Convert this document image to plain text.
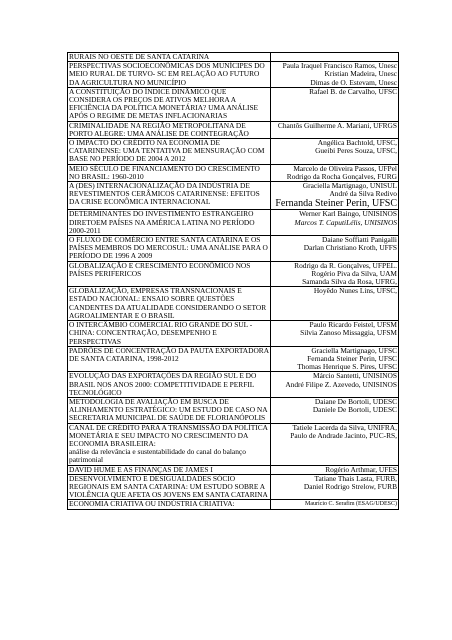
RURAIS NO OESTE DE SANTA CATARINA	

PERSPECTIVAS SOCIOECONÔMICAS DOS MUNÍCIPES DO MEIO RURAL DE TURVO- SC EM RELAÇÃO AO FUTURO DA AGRICULTURA NO MUNICÍPIO	Paula Iraquel Francisco Ramos, Unesc
Kristian Madeira, Unesc
Dimas de O. Estevam, Unesc

A CONSTITUIÇÃO DO ÍNDICE DINÂMICO QUE CONSIDERA OS PREÇOS DE ATIVOS MELHORA A EFICIÊNCIA DA POLÍTICA MONETÁRIA? UMA ANÁLISE APÓS O REGIME DE METAS INFLACIONARIAS	Rafael B. de Carvalho, UFSC

CRIMINALIDADE NA REGIÃO METROPOLITANA DE PORTO ALEGRE: UMA ANÁLISE DE COINTEGRAÇÃO	Chantôs Guilherme A. Mariani, UFRGS

O IMPACTO DO CRÉDITO NA ECONOMIA DE CATARINENSE: UMA TENTATIVA DE MENSURAÇÃO COM BASE NO PERÍODO DE 2004 A 2012	Angélica Bachtold, UFSC,
Gueibi Peres Souza, UFSC,

MEIO SÉCULO DE FINANCIAMENTO DO CRESCIMENTO NO BRASIL: 1960-2010	Marcelo de Oliveira Passos, UFPel
Rodrigo da Rocha Gonçalves, FURG

A (DES) INTERNACIONALIZAÇÃO DA INDÚSTRIA DE REVESTIMENTOS CERÂMICOS CATARINENSE: EFEITOS DA CRISE ECONÔMICA INTERNACIONAL	Graciella Martignago, UNISUL
André da Silva Redivo
Fernanda Steiner Perin, UFSC

DETERMINANTES DO INVESTIMENTO ESTRANGEIRO DIRETOEM PAÍSES NA AMÉRICA LATINA NO PERÍODO 2000-2011	Werner Karl Baingo, UNISINOS
Marcos T. CaputiLélis, UNISINOS

O FLUXO DE COMÉRCIO ENTRE SANTA CATARINA E OS PAÍSES MEMBROS DO MERCOSUL: UMA ANÁLISE PARA O PERÍODO DE 1996 A 2009	Daiane Soffiatti Panigalli
Darlan Christiano Kroth, UFFS

GLOBALIZAÇÃO E CRESCIMENTO ECONÔMICO NOS PAÍSES PERIFERICOS	Rodrigo da R. Gonçalves, UFPEL.
Rogério Piva da Silva, UAM
Samanda Silva da Rosa, UFRG,

GLOBALIZAÇÃO, EMPRESAS TRANSNACIONAIS E ESTADO NACIONAL: ENSAIO SOBRE QUESTÕES CANDENTES DA ATUALIDADE CONSIDERANDO O SETOR AGROALIMENTAR E O BRASIL	Hoyêdo Nunes Lins, UFSC,

O INTERCÂMBIO COMERCIAL RIO GRANDE DO SUL - CHINA: CONCENTRAÇÃO, DESEMPENHO E PERSPECTIVAS	Paulo Ricardo Feistel, UFSM
Silvia Zanoso Missaggia, UFSM

PADRÕES DE CONCENTRAÇÃO DA PAUTA EXPORTADORA DE SANTA CATARINA, 1998-2012	Graciella Martignago, UFSC
Fernanda Steiner Perin, UFSC
Thomas Henrique S. Pires, UFSC

EVOLUÇÃO DAS EXPORTAÇÕES DA REGIÃO SUL E DO BRASIL NOS ANOS 2000: COMPETITIVIDADE E PERFIL TECNOLÓGICO	Márcio Santetti, UNISINOS
André Filipe Z. Azevedo, UNISINOS

METODOLOGIA DE AVALIAÇÃO EM BUSCA DE ALINHAMENTO ESTRATÉGICO: UM ESTUDO DE CASO NA SECRETARIA MUNICIPAL DE SAÚDE DE FLORIANÓPOLIS	Daiane De Bortoli, UDESC
Daniele De Bortoli, UDESC

CANAL DE CRÉDITO PARA A TRANSMISSÃO DA POLÍTICA MONETÁRIA E SEU IMPACTO NO CRESCIMENTO DA ECONOMIA BRASILEIRA:
análise da relevância e sustentabilidade do canal do balanço patrimonial	Tatiele Lacerda da Silva, UNIFRA,
Paulo de Andrade Jacinto, PUC-RS,

DAVID HUME E AS FINANÇAS DE JAMES I	Rogério Arthmar, UFES

DESENVOLVIMENTO E DESIGUALDADES SÓCIO REGIONAIS EM SANTA CATARINA: UM ESTUDO SOBRE A VIOLÊNCIA QUE AFETA OS JOVENS EM SANTA CATARINA	Tatiane Thais Lasta, FURB,
Daniel Rodrigo Strelow, FURB

ECONOMIA CRIATIVA OU INDÚSTRIA CRIATIVA:	Maurício C. Serafim (ESAG/UDESC)
